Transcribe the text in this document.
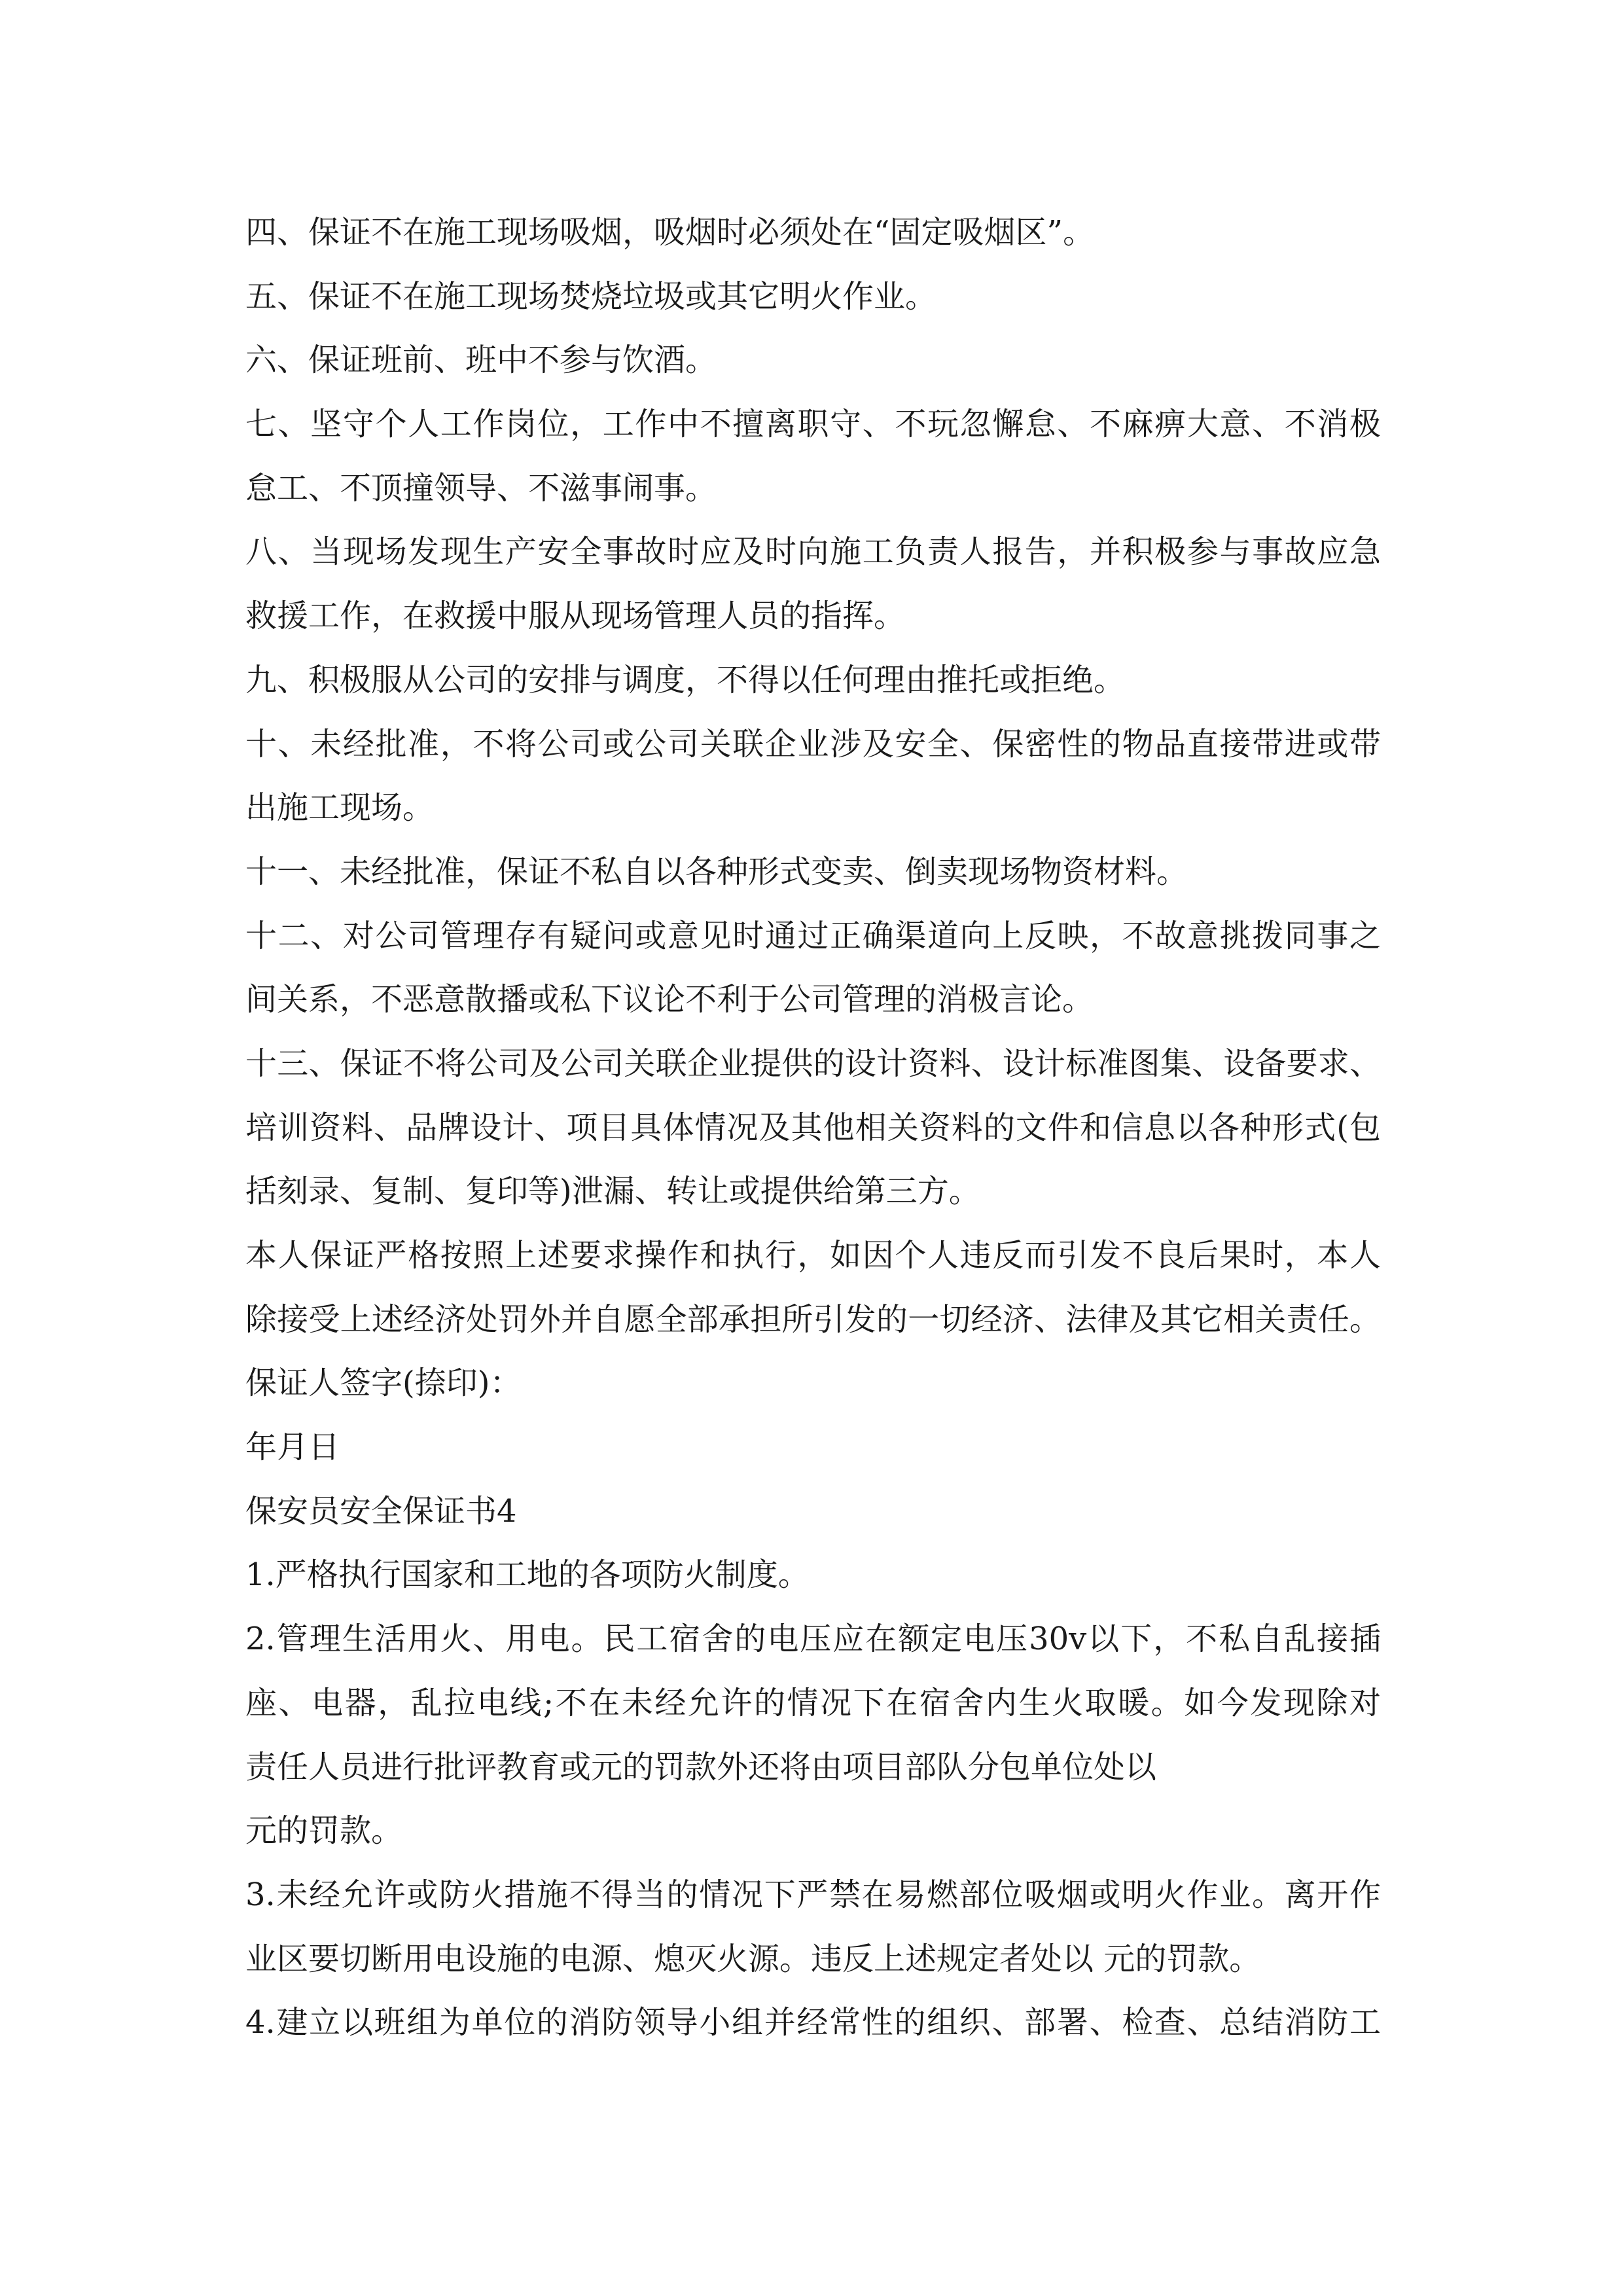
四、保证不在施工现场吸烟，吸烟时必须处在“固定吸烟区”。
五、保证不在施工现场焚烧垃圾或其它明火作业。
六、保证班前、班中不参与饮酒。
七、坚守个人工作岗位，工作中不擅离职守、不玩忽懈怠、不麻痹大意、不消极
怠工、不顶撞领导、不滋事闹事。
八、当现场发现生产安全事故时应及时向施工负责人报告，并积极参与事故应急
救援工作，在救援中服从现场管理人员的指挥。
九、积极服从公司的安排与调度，不得以任何理由推托或拒绝。
十、未经批准，不将公司或公司关联企业涉及安全、保密性的物品直接带进或带
出施工现场。
十一、未经批准，保证不私自以各种形式变卖、倒卖现场物资材料。
十二、对公司管理存有疑问或意见时通过正确渠道向上反映，不故意挑拨同事之
间关系，不恶意散播或私下议论不利于公司管理的消极言论。
十三、保证不将公司及公司关联企业提供的设计资料、设计标准图集、设备要求、
培训资料、品牌设计、项目具体情况及其他相关资料的文件和信息以各种形式(包
括刻录、复制、复印等)泄漏、转让或提供给第三方。
本人保证严格按照上述要求操作和执行，如因个人违反而引发不良后果时，本人
除接受上述经济处罚外并自愿全部承担所引发的一切经济、法律及其它相关责任。
保证人签字(捺印)：
年月日
保安员安全保证书4
1.严格执行国家和工地的各项防火制度。
2.管理生活用火、用电。民工宿舍的电压应在额定电压30v以下，不私自乱接插
座、电器，乱拉电线;不在未经允许的情况下在宿舍内生火取暖。如今发现除对
责任人员进行批评教育或元的罚款外还将由项目部队分包单位处以
元的罚款。
3.未经允许或防火措施不得当的情况下严禁在易燃部位吸烟或明火作业。离开作
业区要切断用电设施的电源、熄灭火源。违反上述规定者处以 元的罚款。
4.建立以班组为单位的消防领导小组并经常性的组织、部署、检查、总结消防工
